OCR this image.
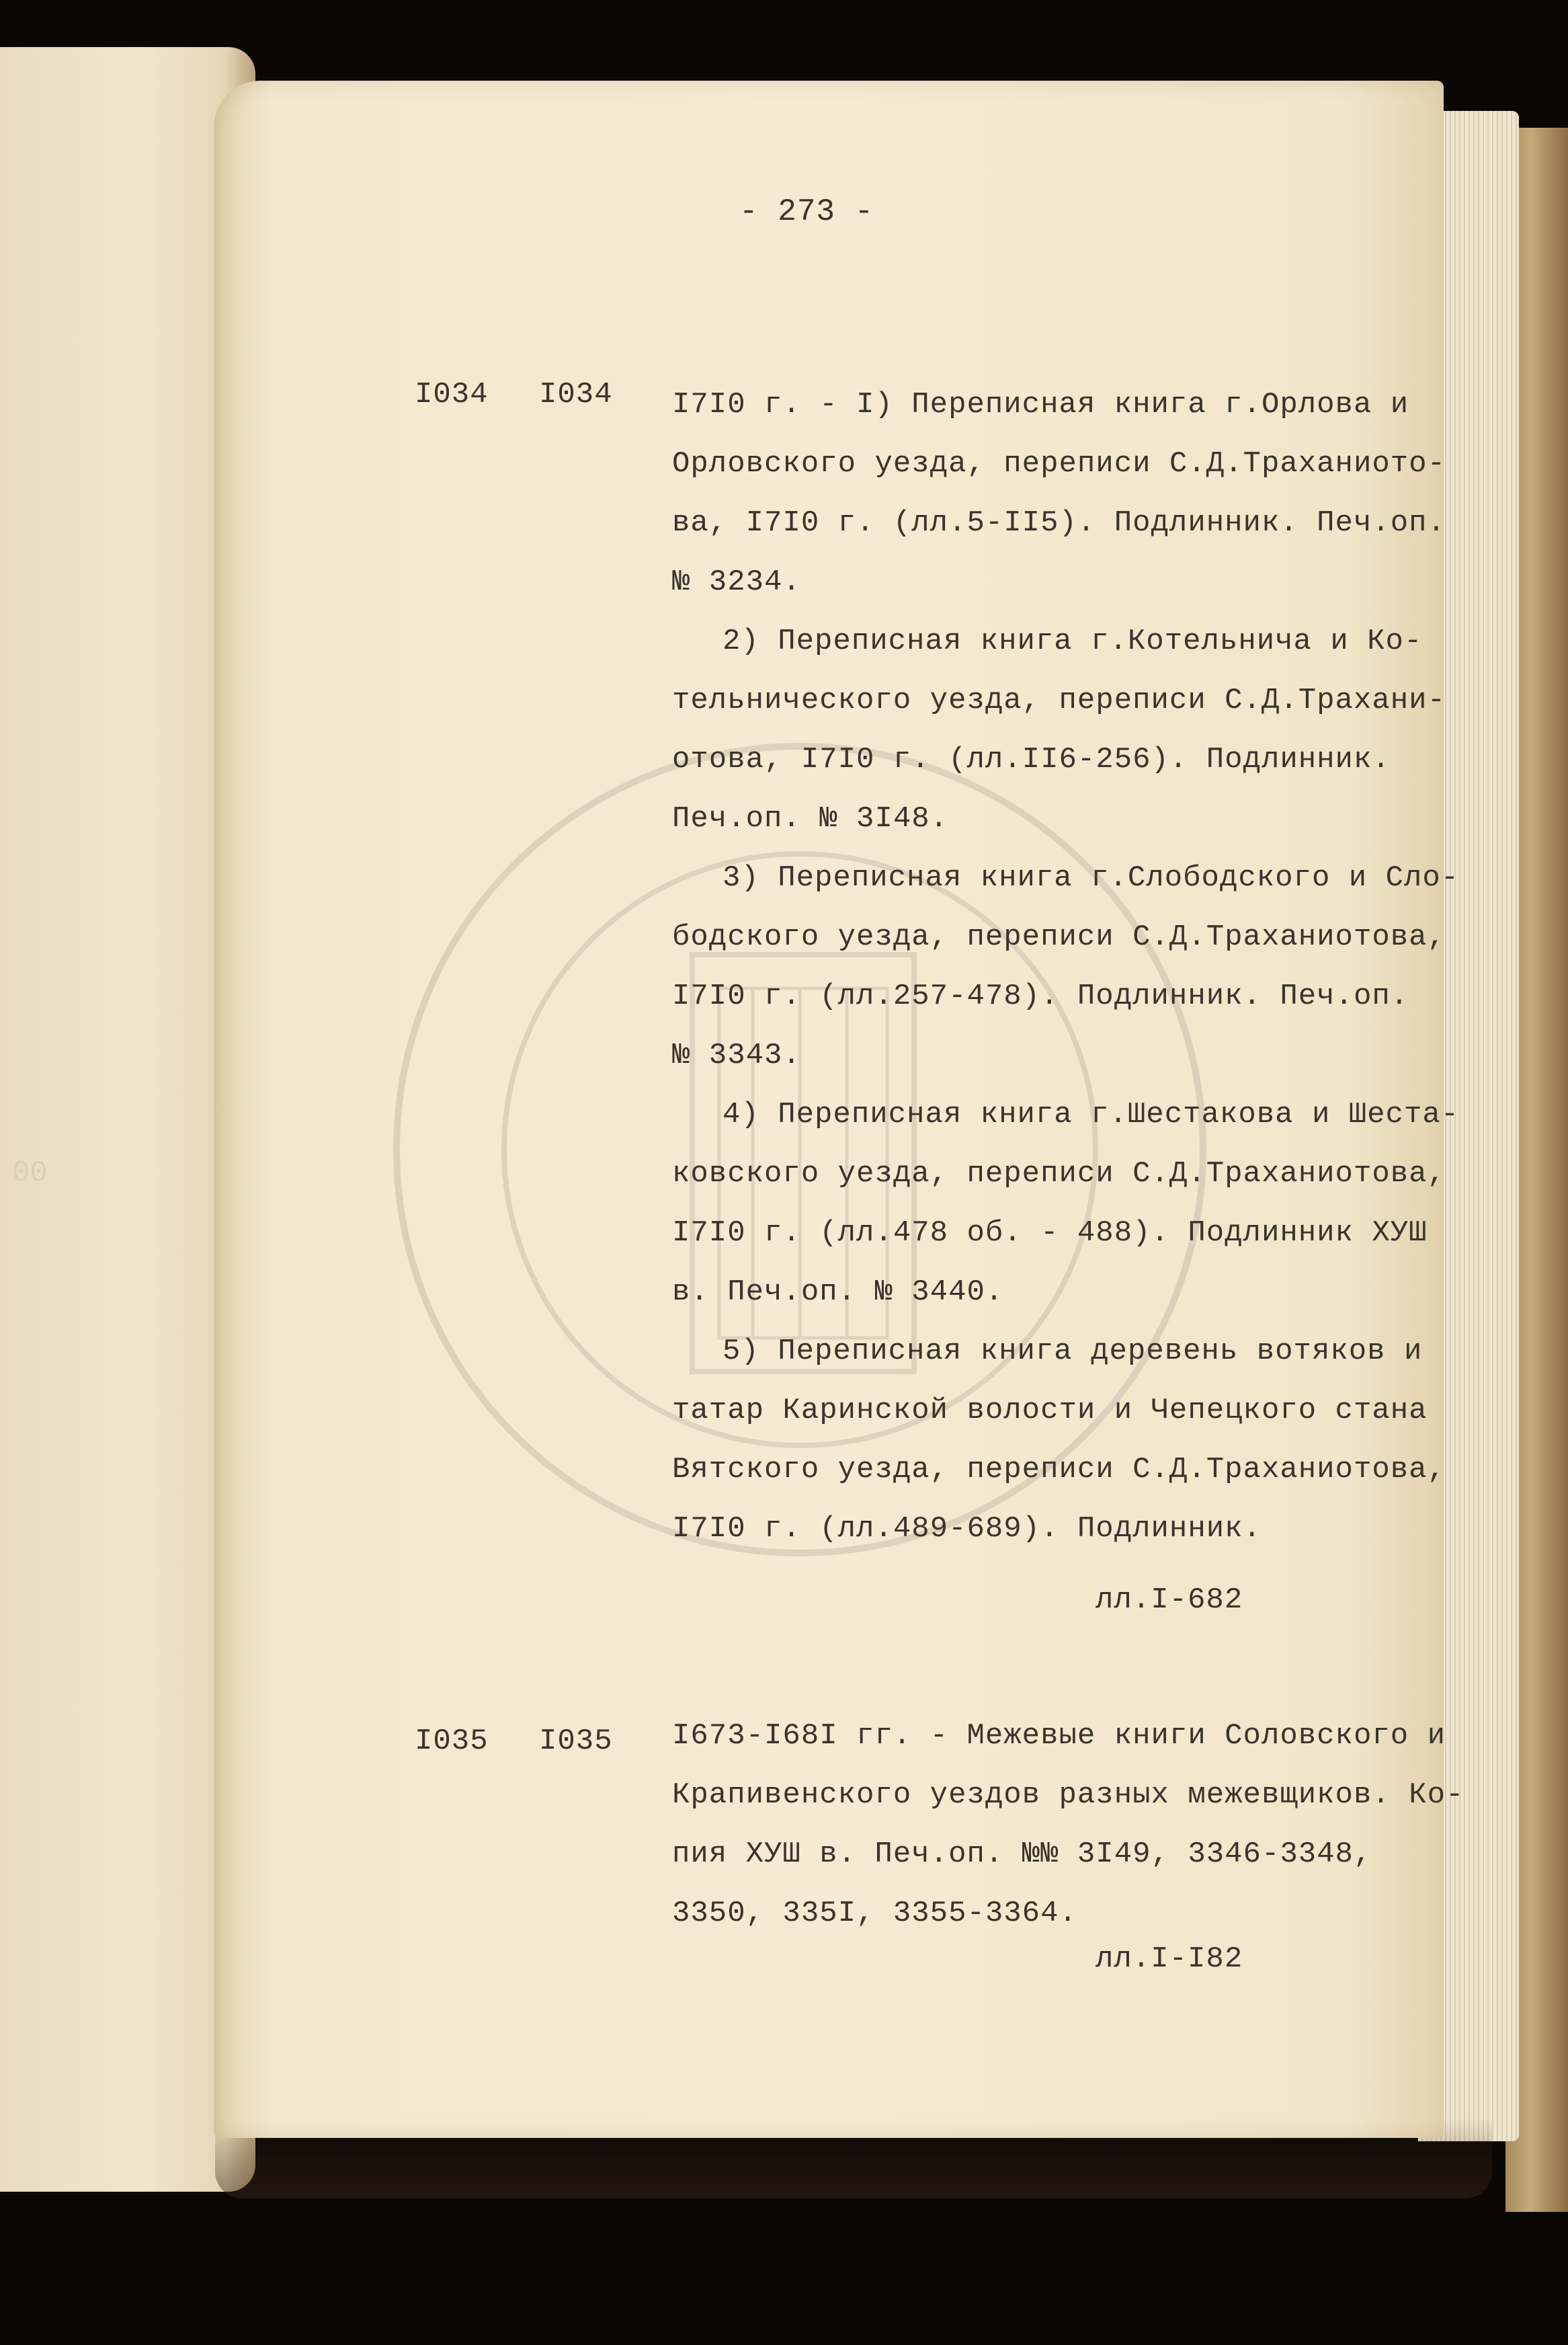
00
- 273 -
I034 I034 I7I0 г. - I) Переписная книга г.Орлова и
Орловского уезда, переписи С.Д.Траханиото-
ва, I7I0 г. (лл.5-II5). Подлинник. Печ.оп.
№ 3234.
2) Переписная книга г.Котельнича и Ко-
тельнического уезда, переписи С.Д.Трахани-
отова, I7I0 г. (лл.II6-256). Подлинник.
Печ.оп. № 3I48.
3) Переписная книга г.Слободского и Сло-
бодского уезда, переписи С.Д.Траханиотова,
I7I0 г. (лл.257-478). Подлинник. Печ.оп.
№ 3343.
4) Переписная книга г.Шестакова и Шеста-
ковского уезда, переписи С.Д.Траханиотова,
I7I0 г. (лл.478 об. - 488). Подлинник ХУШ
в. Печ.оп. № 3440.
5) Переписная книга деревень вотяков и
татар Каринской волости и Чепецкого стана
Вятского уезда, переписи С.Д.Траханиотова,
I7I0 г. (лл.489-689). Подлинник.
лл.I-682
I035 I035 I673-I68I гг. - Межевые книги Соловского и
Крапивенского уездов разных межевщиков. Ко-
пия ХУШ в. Печ.оп. №№ 3I49, 3346-3348,
3350, 335I, 3355-3364.
лл.I-I82
